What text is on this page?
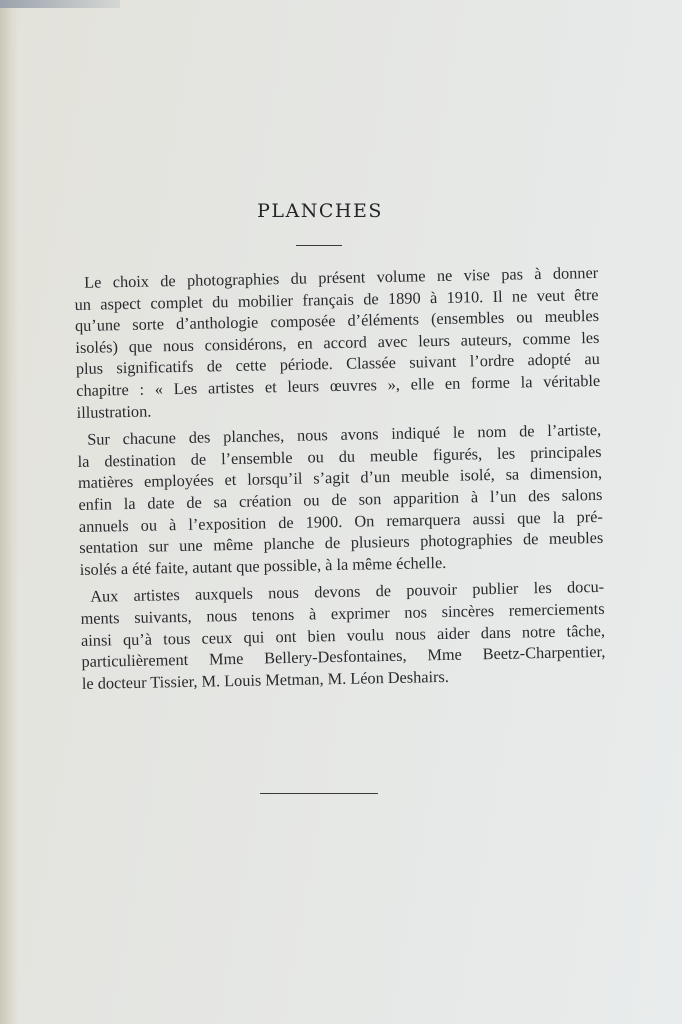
PLANCHES
Le choix de photographies du présent volume ne vise pas à donner
un aspect complet du mobilier français de 1890 à 1910. Il ne veut être
qu’une sorte d’anthologie composée d’éléments (ensembles ou meubles
isolés) que nous considérons, en accord avec leurs auteurs, comme les
plus significatifs de cette période. Classée suivant l’ordre adopté au
chapitre : « Les artistes et leurs œuvres », elle en forme la véritable
illustration.
Sur chacune des planches, nous avons indiqué le nom de l’artiste,
la destination de l’ensemble ou du meuble figurés, les principales
matières employées et lorsqu’il s’agit d’un meuble isolé, sa dimension,
enfin la date de sa création ou de son apparition à l’un des salons
annuels ou à l’exposition de 1900. On remarquera aussi que la pré-
sentation sur une même planche de plusieurs photographies de meubles
isolés a été faite, autant que possible, à la même échelle.
Aux artistes auxquels nous devons de pouvoir publier les docu-
ments suivants, nous tenons à exprimer nos sincères remerciements
ainsi qu’à tous ceux qui ont bien voulu nous aider dans notre tâche,
particulièrement Mme Bellery-Desfontaines, Mme Beetz-Charpentier,
le docteur Tissier, M. Louis Metman, M. Léon Deshairs.
